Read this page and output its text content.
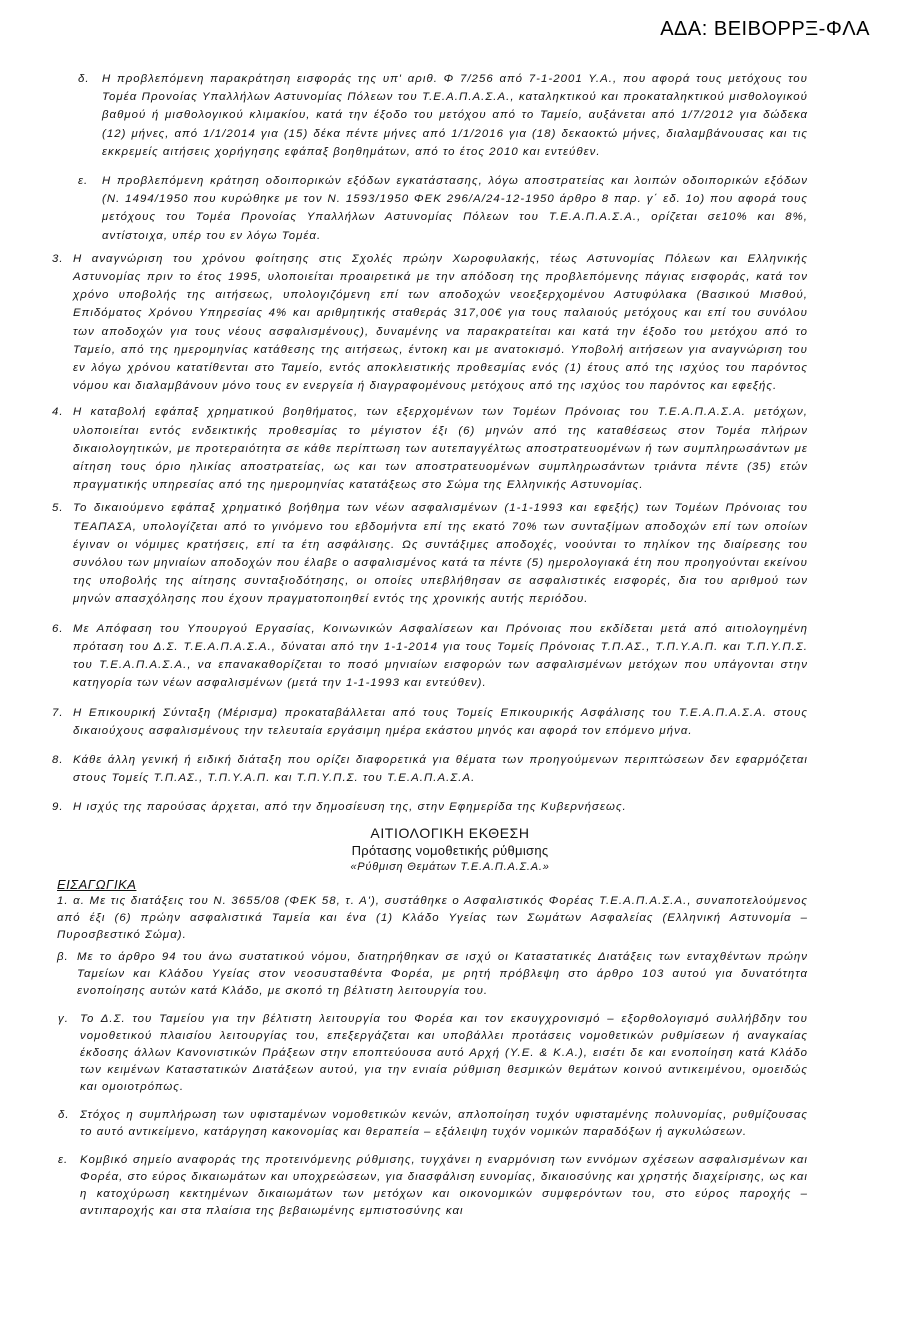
ΑΔΑ: ΒΕΙΒΟΡΡΞ-ΦΛΑ
δ. Η προβλεπόμενη παρακράτηση εισφοράς της υπ' αριθ. Φ 7/256 από 7-1-2001 Υ.Α., που αφορά τους μετόχους του Τομέα Προνοίας Υπαλλήλων Αστυνομίας Πόλεων του Τ.Ε.Α.Π.Α.Σ.Α., καταληκτικού και προκαταληκτικού μισθολογικού βαθμού ή μισθολογικού κλιμακίου, κατά την έξοδο του μετόχου από το Ταμείο, αυξάνεται από 1/7/2012 για δώδεκα (12) μήνες, από 1/1/2014 για (15) δέκα πέντε μήνες από 1/1/2016 για (18) δεκαοκτώ μήνες, διαλαμβάνουσας και τις εκκρεμείς αιτήσεις χορήγησης εφάπαξ βοηθημάτων, από το έτος 2010 και εντεύθεν.
ε. Η προβλεπόμενη κράτηση οδοιπορικών εξόδων εγκατάστασης, λόγω αποστρατείας και λοιπών οδοιπορικών εξόδων (Ν. 1494/1950 που κυρώθηκε με τον Ν. 1593/1950 ΦΕΚ 296/Α/24-12-1950 άρθρο 8 παρ. γ΄ εδ. 1ο) που αφορά τους μετόχους του Τομέα Προνοίας Υπαλλήλων Αστυνομίας Πόλεων του Τ.Ε.Α.Π.Α.Σ.Α., ορίζεται σε10% και 8%, αντίστοιχα, υπέρ του εν λόγω Τομέα.
3. Η αναγνώριση του χρόνου φοίτησης στις Σχολές πρώην Χωροφυλακής, τέως Αστυνομίας Πόλεων και Ελληνικής Αστυνομίας πριν το έτος 1995, υλοποιείται προαιρετικά με την απόδοση της προβλεπόμενης πάγιας εισφοράς, κατά τον χρόνο υποβολής της αιτήσεως, υπολογιζόμενη επί των αποδοχών νεοεξερχομένου Αστυφύλακα (Βασικού Μισθού, Επιδόματος Χρόνου Υπηρεσίας 4% και αριθμητικής σταθεράς 317,00€ για τους παλαιούς μετόχους και επί του συνόλου των αποδοχών για τους νέους ασφαλισμένους), δυναμένης να παρακρατείται και κατά την έξοδο του μετόχου από το Ταμείο, από της ημερομηνίας κατάθεσης της αιτήσεως, έντοκη και με ανατοκισμό. Υποβολή αιτήσεων για αναγνώριση του εν λόγω χρόνου κατατίθενται στο Ταμείο, εντός αποκλειστικής προθεσμίας ενός (1) έτους από της ισχύος του παρόντος νόμου και διαλαμβάνουν μόνο τους εν ενεργεία ή διαγραφομένους μετόχους από της ισχύος του παρόντος και εφεξής.
4. Η καταβολή εφάπαξ χρηματικού βοηθήματος, των εξερχομένων των Τομέων Πρόνοιας του Τ.Ε.Α.Π.Α.Σ.Α. μετόχων, υλοποιείται εντός ενδεικτικής προθεσμίας το μέγιστον έξι (6) μηνών από της καταθέσεως στον Τομέα πλήρων δικαιολογητικών, με προτεραιότητα σε κάθε περίπτωση των αυτεπαγγέλτως αποστρατευομένων ή των συμπληρωσάντων με αίτηση τους όριο ηλικίας αποστρατείας, ως και των αποστρατευομένων συμπληρωσάντων τριάντα πέντε (35) ετών πραγματικής υπηρεσίας από της ημερομηνίας κατατάξεως στο Σώμα της Ελληνικής Αστυνομίας.
5. Το δικαιούμενο εφάπαξ χρηματικό βοήθημα των νέων ασφαλισμένων (1-1-1993 και εφεξής) των Τομέων Πρόνοιας του ΤΕΑΠΑΣΑ, υπολογίζεται από το γινόμενο του εβδομήντα επί της εκατό 70% των συνταξίμων αποδοχών επί των οποίων έγιναν οι νόμιμες κρατήσεις, επί τα έτη ασφάλισης. Ως συντάξιμες αποδοχές, νοούνται το πηλίκον της διαίρεσης του συνόλου των μηνιαίων αποδοχών που έλαβε ο ασφαλισμένος κατά τα πέντε (5) ημερολογιακά έτη που προηγούνται εκείνου της υποβολής της αίτησης συνταξιοδότησης, οι οποίες υπεβλήθησαν σε ασφαλιστικές εισφορές, δια του αριθμού των μηνών απασχόλησης που έχουν πραγματοποιηθεί εντός της χρονικής αυτής περιόδου.
6. Με Απόφαση του Υπουργού Εργασίας, Κοινωνικών Ασφαλίσεων και Πρόνοιας που εκδίδεται μετά από αιτιολογημένη πρόταση του Δ.Σ. Τ.Ε.Α.Π.Α.Σ.Α., δύναται από την 1-1-2014 για τους Τομείς Πρόνοιας Τ.Π.ΑΣ., Τ.Π.Υ.Α.Π. και Τ.Π.Υ.Π.Σ. του Τ.Ε.Α.Π.Α.Σ.Α., να επανακαθορίζεται το ποσό μηνιαίων εισφορών των ασφαλισμένων μετόχων που υπάγονται στην κατηγορία των νέων ασφαλισμένων (μετά την 1-1-1993 και εντεύθεν).
7. Η Επικουρική Σύνταξη (Μέρισμα) προκαταβάλλεται από τους Τομείς Επικουρικής Ασφάλισης του Τ.Ε.Α.Π.Α.Σ.Α. στους δικαιούχους ασφαλισμένους την τελευταία εργάσιμη ημέρα εκάστου μηνός και αφορά τον επόμενο μήνα.
8. Κάθε άλλη γενική ή ειδική διάταξη που ορίζει διαφορετικά για θέματα των προηγούμενων περιπτώσεων δεν εφαρμόζεται στους Τομείς Τ.Π.ΑΣ., Τ.Π.Υ.Α.Π. και Τ.Π.Υ.Π.Σ. του Τ.Ε.Α.Π.Α.Σ.Α.
9. Η ισχύς της παρούσας άρχεται, από την δημοσίευση της, στην Εφημερίδα της Κυβερνήσεως.
ΑΙΤΙΟΛΟΓΙΚΗ ΕΚΘΕΣΗ
Πρότασης νομοθετικής ρύθμισης
«Ρύθμιση Θεμάτων Τ.Ε.Α.Π.Α.Σ.Α.»
ΕΙΣΑΓΩΓΙΚΑ
1. α. Με τις διατάξεις του Ν. 3655/08 (ΦΕΚ 58, τ. Α'), συστάθηκε ο Ασφαλιστικός Φορέας Τ.Ε.Α.Π.Α.Σ.Α., συναποτελούμενος από έξι (6) πρώην ασφαλιστικά Ταμεία και ένα (1) Κλάδο Υγείας των Σωμάτων Ασφαλείας (Ελληνική Αστυνομία – Πυροσβεστικό Σώμα).
β. Με το άρθρο 94 του άνω συστατικού νόμου, διατηρήθηκαν σε ισχύ οι Καταστατικές Διατάξεις των ενταχθέντων πρώην Ταμείων και Κλάδου Υγείας στον νεοσυσταθέντα Φορέα, με ρητή πρόβλεψη στο άρθρο 103 αυτού για δυνατότητα ενοποίησης αυτών κατά Κλάδο, με σκοπό τη βέλτιστη λειτουργία του.
γ. Το Δ.Σ. του Ταμείου για την βέλτιστη λειτουργία του Φορέα και τον εκσυγχρονισμό – εξορθολογισμό συλλήβδην του νομοθετικού πλαισίου λειτουργίας του, επεξεργάζεται και υποβάλλει προτάσεις νομοθετικών ρυθμίσεων ή αναγκαίας έκδοσης άλλων Κανονιστικών Πράξεων στην εποπτεύουσα αυτό Αρχή (Υ.Ε. & Κ.Α.), εισέτι δε και ενοποίηση κατά Κλάδο των κειμένων Καταστατικών Διατάξεων αυτού, για την ενιαία ρύθμιση θεσμικών θεμάτων κοινού αντικειμένου, ομοειδώς και ομοιοτρόπως.
δ. Στόχος η συμπλήρωση των υφισταμένων νομοθετικών κενών, απλοποίηση τυχόν υφισταμένης πολυνομίας, ρυθμίζουσας το αυτό αντικείμενο, κατάργηση κακονομίας και θεραπεία – εξάλειψη τυχόν νομικών παραδόξων ή αγκυλώσεων.
ε. Κομβικό σημείο αναφοράς της προτεινόμενης ρύθμισης, τυγχάνει η εναρμόνιση των εννόμων σχέσεων ασφαλισμένων και Φορέα, στο εύρος δικαιωμάτων και υποχρεώσεων, για διασφάλιση ευνομίας, δικαιοσύνης και χρηστής διαχείρισης, ως και η κατοχύρωση κεκτημένων δικαιωμάτων των μετόχων και οικονομικών συμφερόντων του, στο εύρος παροχής – αντιπαροχής και στα πλαίσια της βεβαιωμένης εμπιστοσύνης και
